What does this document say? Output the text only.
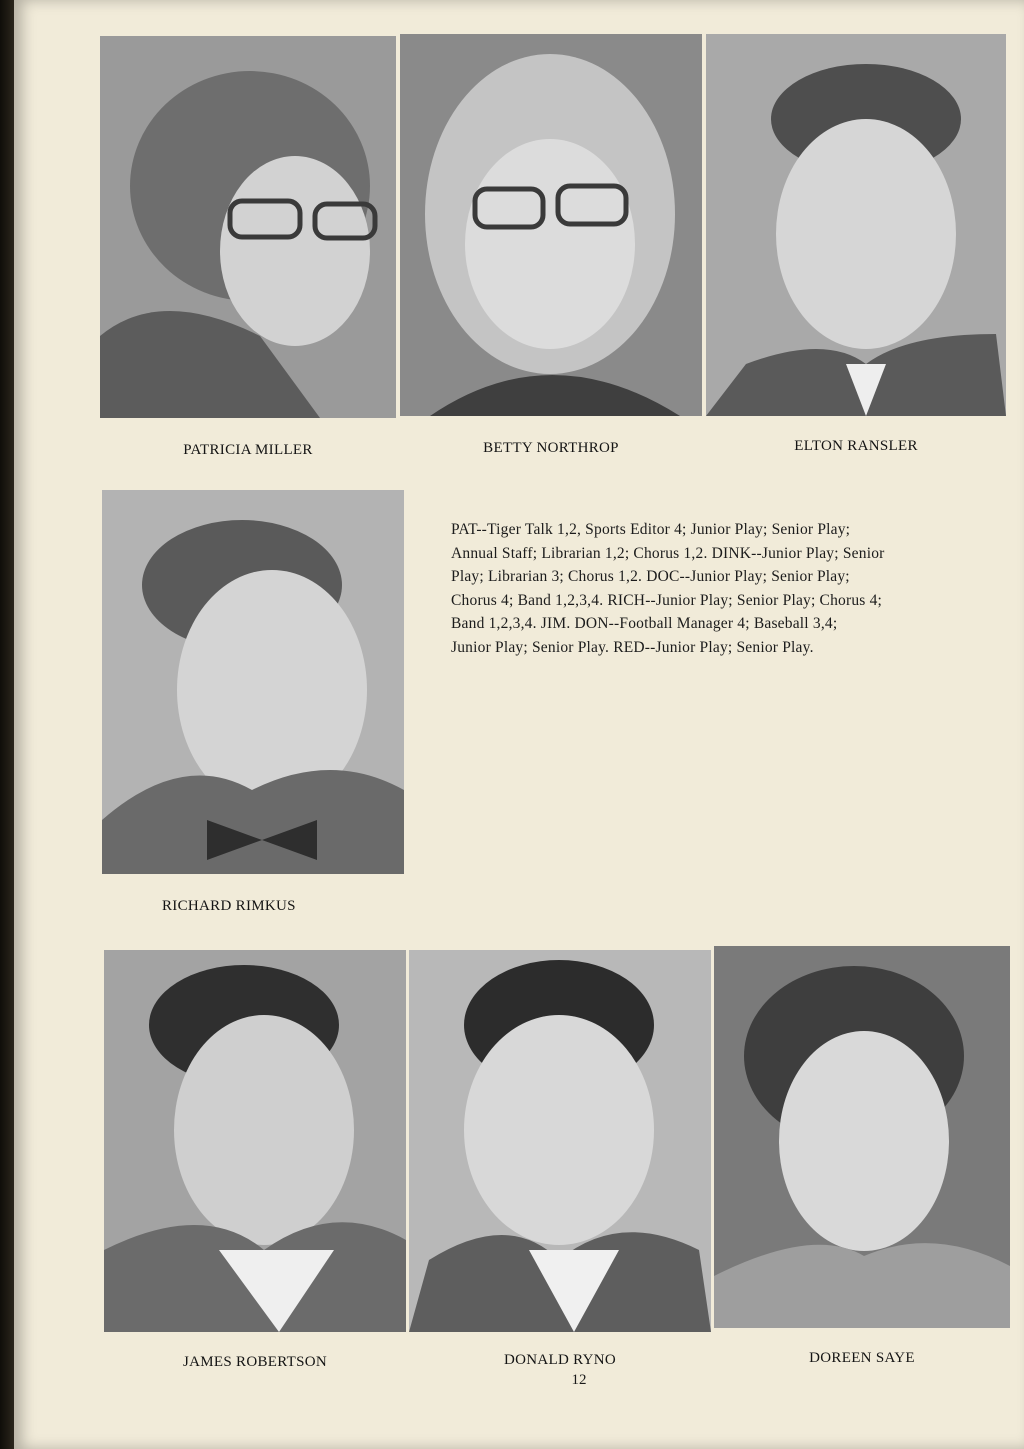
PATRICIA MILLER	BETTY NORTHROP	ELTON RANSLER
RICHARD RIMKUS
PAT--Tiger Talk 1,2, Sports Editor 4; Junior Play; Senior Play;
Annual Staff; Librarian 1,2; Chorus 1,2. DINK--Junior Play; Senior
Play; Librarian 3; Chorus 1,2. DOC--Junior Play; Senior Play;
Chorus 4; Band 1,2,3,4. RICH--Junior Play; Senior Play; Chorus 4;
Band 1,2,3,4. JIM. DON--Football Manager 4; Baseball 3,4;
Junior Play; Senior Play. RED--Junior Play; Senior Play.
JAMES ROBERTSON	DONALD RYNO	DOREEN SAYE
12
